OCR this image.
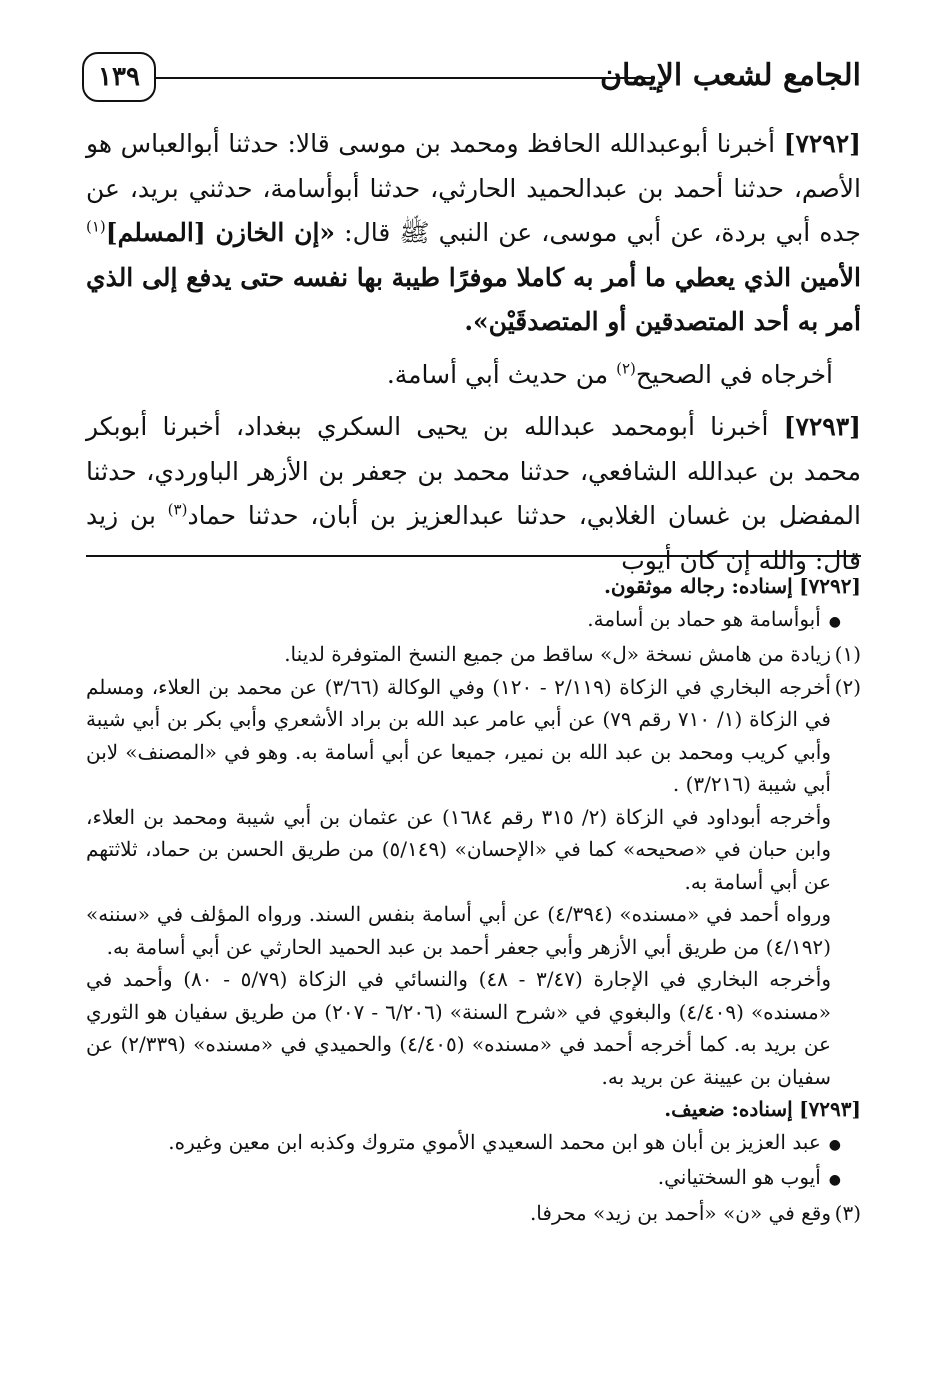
الجامع لشعب الإيمان
١٣٩

[٧٢٩٢] أخبرنا أبوعبدالله الحافظ ومحمد بن موسى قالا: حدثنا أبوالعباس هو الأصم، حدثنا أحمد بن عبدالحميد الحارثي، حدثنا أبوأسامة، حدثني بريد، عن جده أبي بردة، عن أبي موسى، عن النبي ﷺ قال: «إن الخازن [المسلم]$^{(١)}$ الأمين الذي يعطي ما أمر به كاملا موفرًا طيبة بها نفسه حتى يدفع إلى الذي أمر به أحد المتصدقين أو المتصدقَيْن».

أخرجاه في الصحيح$^{(٢)}$ من حديث أبي أسامة.

[٧٢٩٣] أخبرنا أبومحمد عبدالله بن يحيى السكري ببغداد، أخبرنا أبوبكر محمد بن عبدالله الشافعي، حدثنا محمد بن جعفر بن الأزهر الباوردي، حدثنا المفضل بن غسان الغلابي، حدثنا عبدالعزيز بن أبان، حدثنا حماد$^{(٣)}$ بن زيد قال: والله إن كان أيوب

[٧٢٩٢] إسناده: رجاله موثقون.

● أبوأسامة هو حماد بن أسامة.

(١)

زيادة من هامش نسخة «ل» ساقط من جميع النسخ المتوفرة لدينا.

(٢)

أخرجه البخاري في الزكاة (٢/١١٩ - ١٢٠) وفي الوكالة (٣/٦٦) عن محمد بن العلاء، ومسلم في الزكاة (١/ ٧١٠ رقم ٧٩) عن أبي عامر عبد الله بن براد الأشعري وأبي بكر بن أبي شيبة وأبي كريب ومحمد بن عبد الله بن نمير، جميعا عن أبي أسامة به. وهو في «المصنف» لابن أبي شيبة (٣/٢١٦) .

وأخرجه أبوداود في الزكاة (٢/ ٣١٥ رقم ١٦٨٤) عن عثمان بن أبي شيبة ومحمد بن العلاء، وابن حبان في «صحيحه» كما في «الإحسان» (٥/١٤٩) من طريق الحسن بن حماد، ثلاثتهم عن أبي أسامة به.

ورواه أحمد في «مسنده» (٤/٣٩٤) عن أبي أسامة بنفس السند. ورواه المؤلف في «سننه» (٤/١٩٢) من طريق أبي الأزهر وأبي جعفر أحمد بن عبد الحميد الحارثي عن أبي أسامة به.

وأخرجه البخاري في الإجارة (٣/٤٧ - ٤٨) والنسائي في الزكاة (٥/٧٩ - ٨٠) وأحمد في «مسنده» (٤/٤٠٩) والبغوي في «شرح السنة» (٦/٢٠٦ - ٢٠٧) من طريق سفيان هو الثوري عن بريد به. كما أخرجه أحمد في «مسنده» (٤/٤٠٥) والحميدي في «مسنده» (٢/٣٣٩) عن سفيان بن عيينة عن بريد به.

[٧٢٩٣] إسناده: ضعيف.

● عبد العزيز بن أبان هو ابن محمد السعيدي الأموي متروك وكذبه ابن معين وغيره.

● أيوب هو السختياني.

(٣)

وقع في «ن» «أحمد بن زيد» محرفا.
